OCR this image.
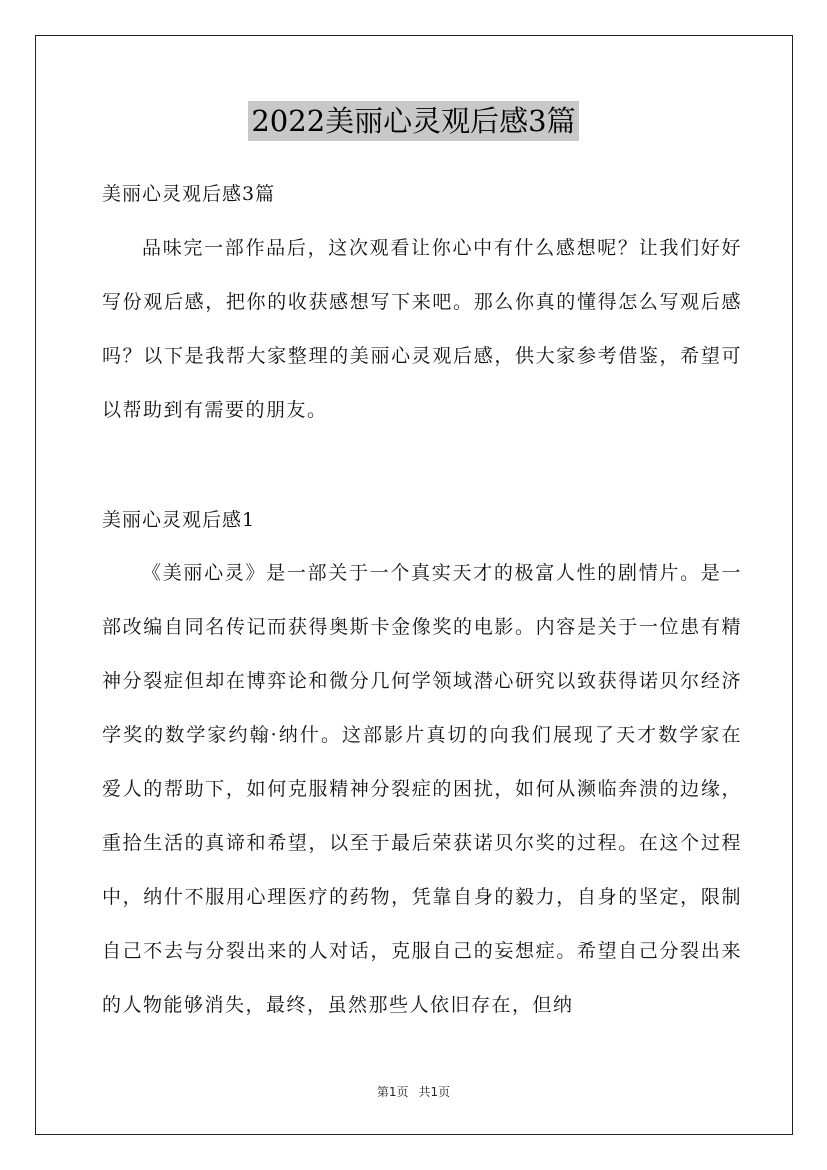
2022美丽心灵观后感3篇

美丽心灵观后感3篇

品味完一部作品后，这次观看让你心中有什么感想呢？让我们好好写份观后感，把你的收获感想写下来吧。那么你真的懂得怎么写观后感吗？以下是我帮大家整理的美丽心灵观后感，供大家参考借鉴，希望可以帮助到有需要的朋友。

美丽心灵观后感1

《美丽心灵》是一部关于一个真实天才的极富人性的剧情片。是一部改编自同名传记而获得奥斯卡金像奖的电影。内容是关于一位患有精神分裂症但却在博弈论和微分几何学领域潜心研究以致获得诺贝尔经济学奖的数学家约翰·纳什。这部影片真切的向我们展现了天才数学家在爱人的帮助下，如何克服精神分裂症的困扰，如何从濒临奔溃的边缘，重拾生活的真谛和希望，以至于最后荣获诺贝尔奖的过程。在这个过程中，纳什不服用心理医疗的药物，凭靠自身的毅力，自身的坚定，限制自己不去与分裂出来的人对话，克服自己的妄想症。希望自己分裂出来的人物能够消失，最终，虽然那些人依旧存在，但纳

第1页 共1页
